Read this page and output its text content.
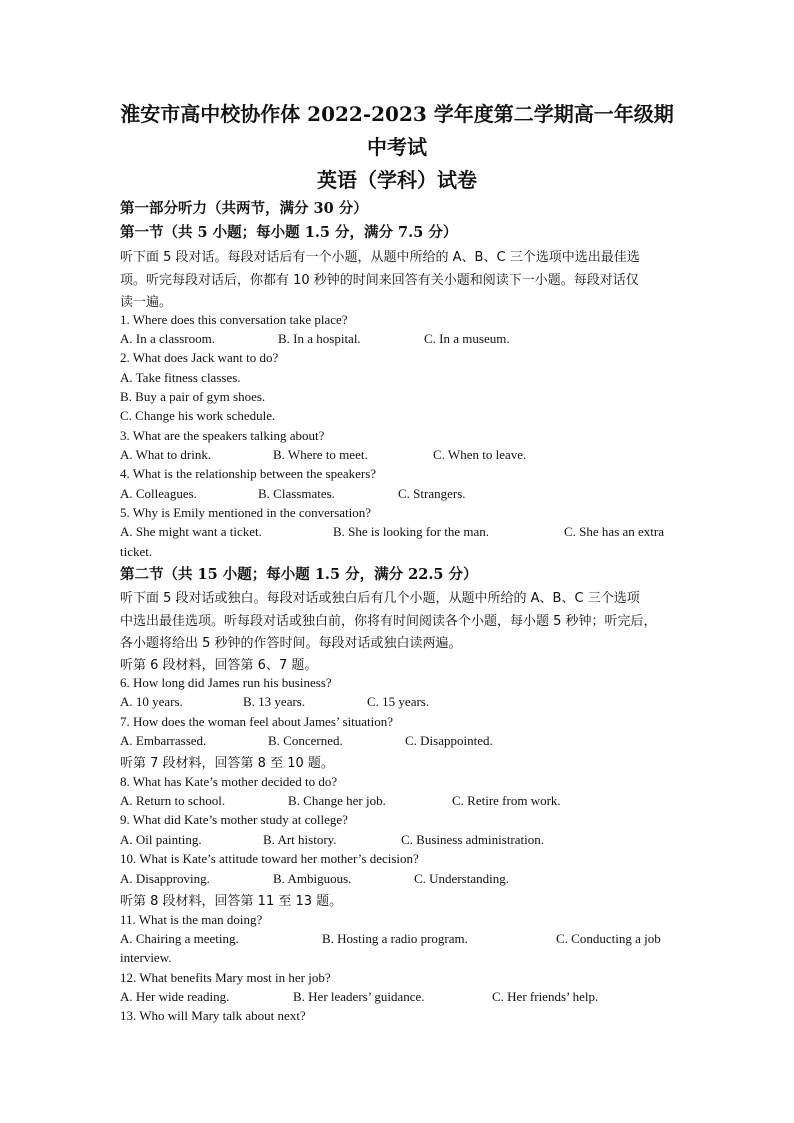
淮安市高中校协作体 2022-2023 学年度第二学期高一年级期
中考试
英语（学科）试卷
第一部分听力（共两节，满分 30 分）
第一节（共 5 小题；每小题 1.5 分，满分 7.5 分）
听下面 5 段对话。每段对话后有一个小题，从题中所给的 A、B、C 三个选项中选出最佳选
项。听完每段对话后，你都有 10 秒钟的时间来回答有关小题和阅读下一小题。每段对话仅
读一遍。
1. Where does this conversation take place?
A. In a classroom.	B. In a hospital.	C. In a museum.
2. What does Jack want to do?
A. Take fitness classes.
B. Buy a pair of gym shoes.
C. Change his work schedule.
3. What are the speakers talking about?
A. What to drink.	B. Where to meet.	C. When to leave.
4. What is the relationship between the speakers?
A. Colleagues.	B. Classmates.	C. Strangers.
5. Why is Emily mentioned in the conversation?
A. She might want a ticket.	B. She is looking for the man.	C. She has an extra
ticket.
第二节（共 15 小题；每小题 1.5 分，满分 22.5 分）
听下面 5 段对话或独白。每段对话或独白后有几个小题，从题中所给的 A、B、C 三个选项
中选出最佳选项。听每段对话或独白前，你将有时间阅读各个小题，每小题 5 秒钟；听完后，
各小题将给出 5 秒钟的作答时间。每段对话或独白读两遍。
听第 6 段材料，回答第 6、7 题。
6. How long did James run his business?
A. 10 years.	B. 13 years.	C. 15 years.
7. How does the woman feel about James’ situation?
A. Embarrassed.	B. Concerned.	C. Disappointed.
听第 7 段材料，回答第 8 至 10 题。
8. What has Kate’s mother decided to do?
A. Return to school.	B. Change her job.	C. Retire from work.
9. What did Kate’s mother study at college?
A. Oil painting.	B. Art history.	C. Business administration.
10. What is Kate’s attitude toward her mother’s decision?
A. Disapproving.	B. Ambiguous.	C. Understanding.
听第 8 段材料，回答第 11 至 13 题。
11. What is the man doing?
A. Chairing a meeting.	B. Hosting a radio program.	C. Conducting a job
interview.
12. What benefits Mary most in her job?
A. Her wide reading.	B. Her leaders’ guidance.	C. Her friends’ help.
13. Who will Mary talk about next?
